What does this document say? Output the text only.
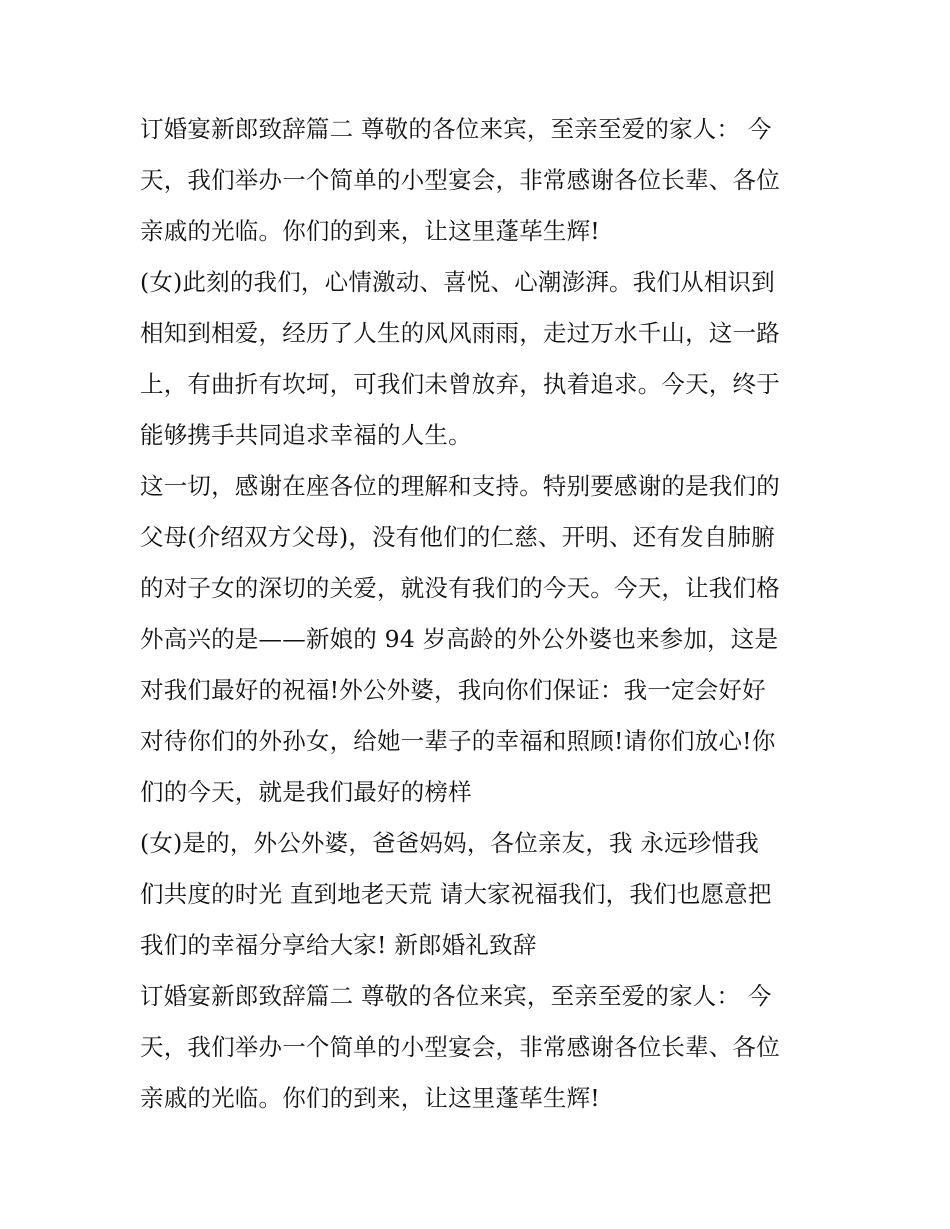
订婚宴新郎致辞篇二 尊敬的各位来宾，至亲至爱的家人： 今
天，我们举办一个简单的小型宴会，非常感谢各位长辈、各位
亲戚的光临。你们的到来，让这里蓬荜生辉!
(女)此刻的我们，心情激动、喜悦、心潮澎湃。我们从相识到
相知到相爱，经历了人生的风风雨雨，走过万水千山，这一路
上，有曲折有坎坷，可我们未曾放弃，执着追求。今天，终于
能够携手共同追求幸福的人生。
这一切，感谢在座各位的理解和支持。特别要感谢的是我们的
父母(介绍双方父母)，没有他们的仁慈、开明、还有发自肺腑
的对子女的深切的关爱，就没有我们的今天。今天，让我们格
外高兴的是——新娘的 94 岁高龄的外公外婆也来参加，这是
对我们最好的祝福!外公外婆，我向你们保证：我一定会好好
对待你们的外孙女，给她一辈子的幸福和照顾!请你们放心!你
们的今天，就是我们最好的榜样
(女)是的，外公外婆，爸爸妈妈，各位亲友，我 永远珍惜我
们共度的时光 直到地老天荒 请大家祝福我们，我们也愿意把
我们的幸福分享给大家! 新郎婚礼致辞
订婚宴新郎致辞篇二 尊敬的各位来宾，至亲至爱的家人： 今
天，我们举办一个简单的小型宴会，非常感谢各位长辈、各位
亲戚的光临。你们的到来，让这里蓬荜生辉!
